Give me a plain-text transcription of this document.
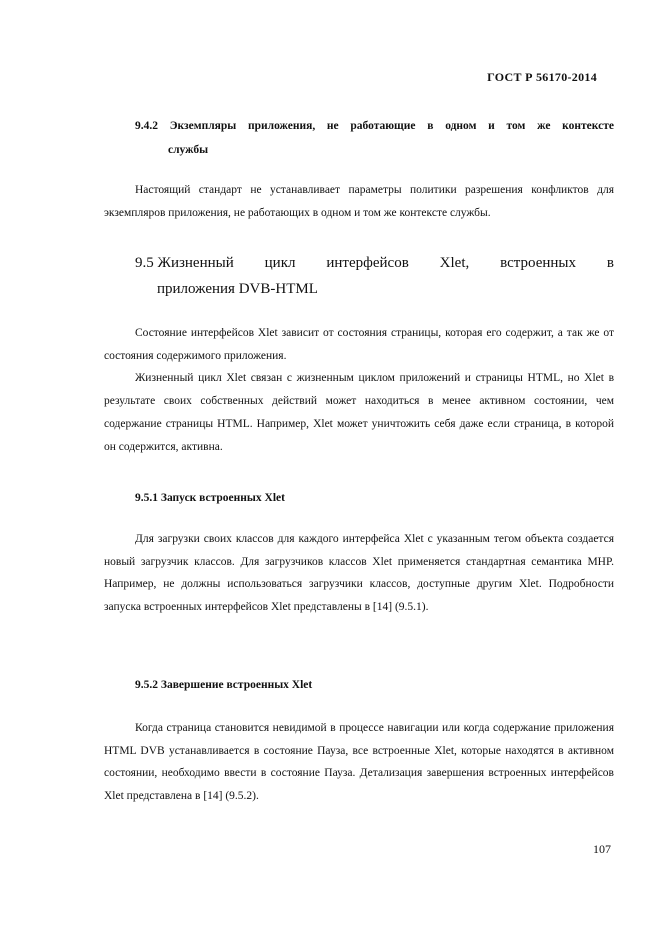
ГОСТ Р 56170-2014
9.4.2 Экземпляры приложения, не работающие в одном и том же контексте
службы

Настоящий стандарт не устанавливает параметры политики разрешения конфликтов для экземпляров приложения, не работающих в одном и том же контексте службы.

9.5 Жизненный цикл интерфейсов Xlet, встроенных в
приложения DVB-HTML

Состояние интерфейсов Xlet зависит от состояния страницы, которая его содержит, а так же от состояния содержимого приложения.

Жизненный цикл Xlet связан с жизненным циклом приложений и страницы HTML, но Xlet в результате своих собственных действий может находиться в менее активном состоянии, чем содержание страницы HTML. Например, Xlet может уничтожить себя даже если страница, в которой он содержится, активна.

9.5.1 Запуск встроенных Xlet

Для загрузки своих классов для каждого интерфейса Xlet с указанным тегом объекта создается новый загрузчик классов. Для загрузчиков классов Xlet применяется стандартная семантика MHP. Например, не должны использоваться загрузчики классов, доступные другим Xlet. Подробности запуска встроенных интерфейсов Xlet представлены в [14] (9.5.1).

9.5.2 Завершение встроенных Xlet

Когда страница становится невидимой в процессе навигации или когда содержание приложения HTML DVB устанавливается в состояние Пауза, все встроенные Xlet, которые находятся в активном состоянии, необходимо ввести в состояние Пауза. Детализация завершения встроенных интерфейсов Xlet представлена в [14] (9.5.2).

107
